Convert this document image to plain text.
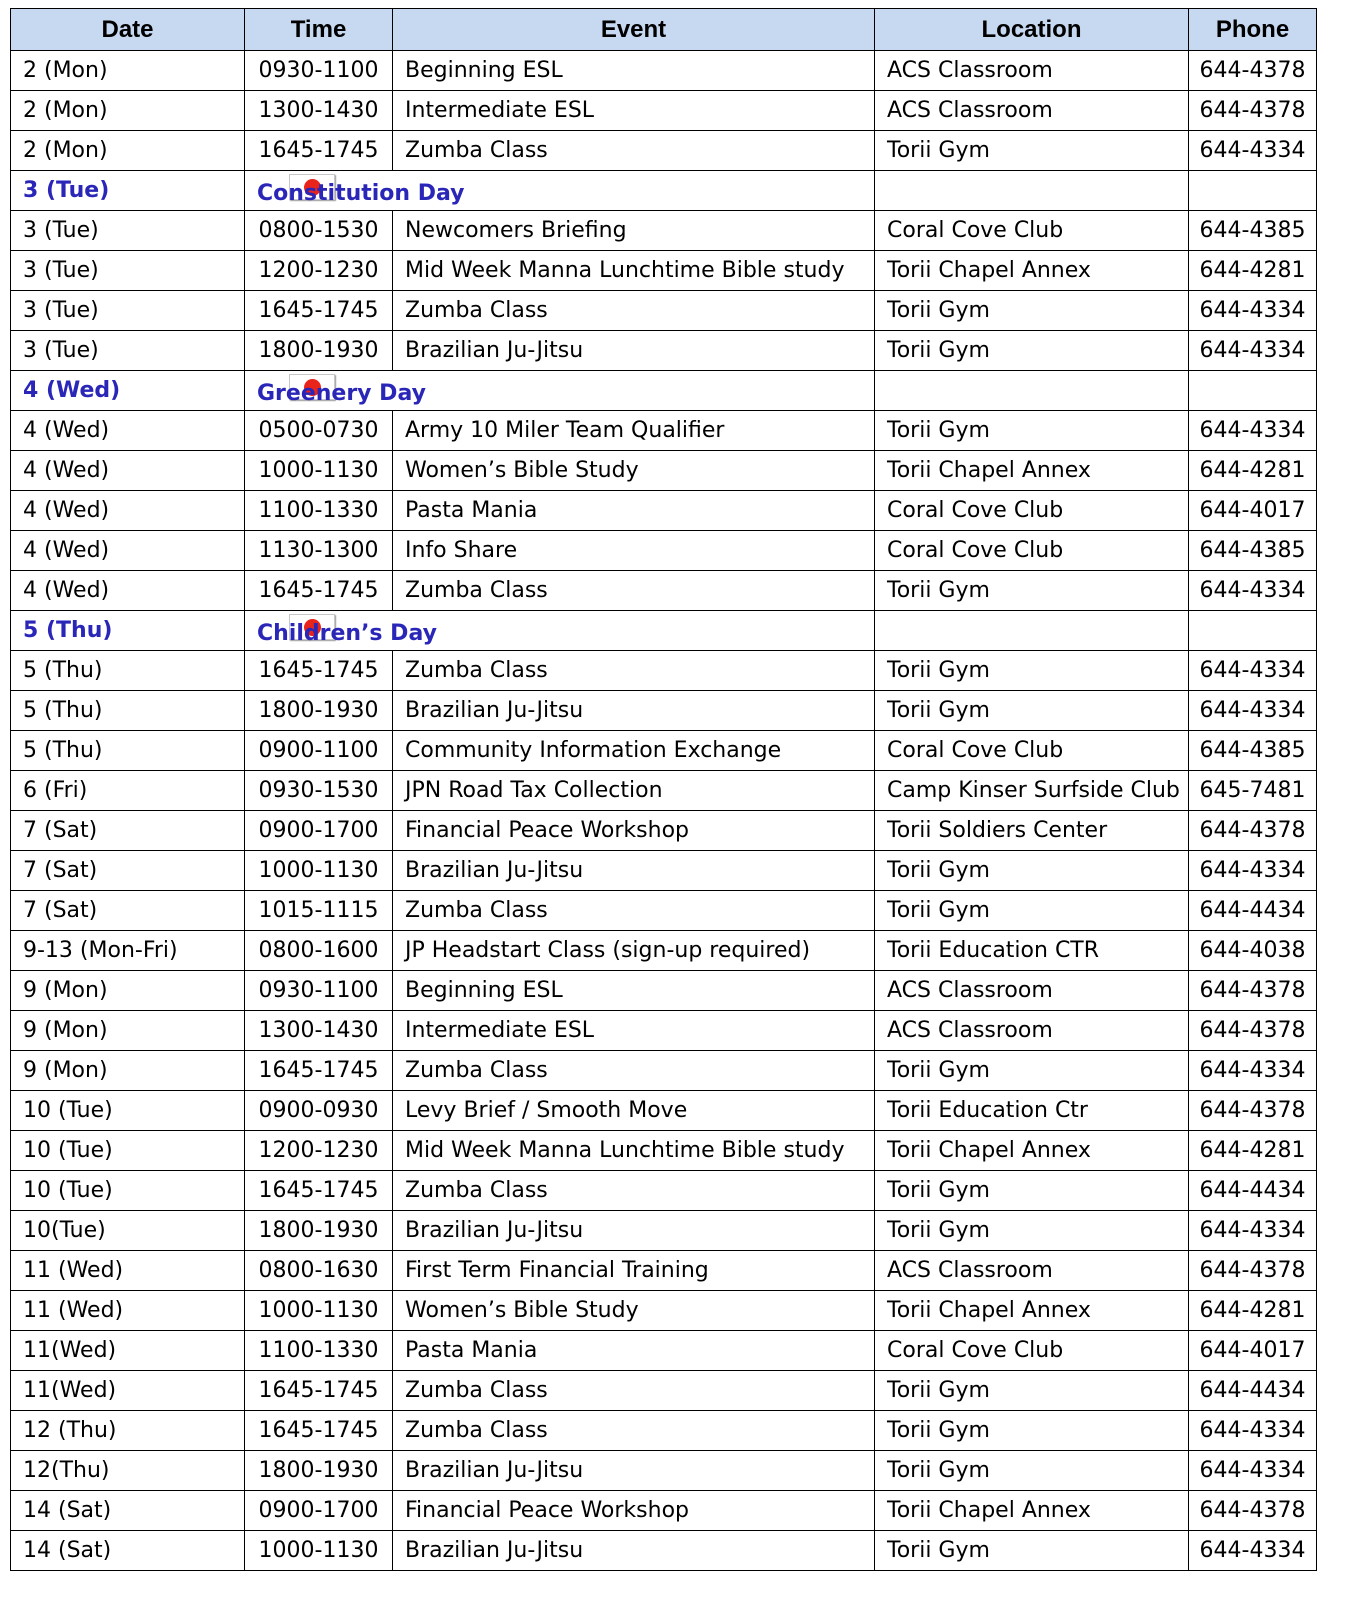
Date	Time	Event	Location	Phone
2 (Mon)	0930-1100	Beginning ESL	ACS Classroom	644-4378
2 (Mon)	1300-1430	Intermediate ESL	ACS Classroom	644-4378
2 (Mon)	1645-1745	Zumba Class	Torii Gym	644-4334
3 (Tue)	Constitution Day			
3 (Tue)	0800-1530	Newcomers Briefing	Coral Cove Club	644-4385
3 (Tue)	1200-1230	Mid Week Manna Lunchtime Bible study	Torii Chapel Annex	644-4281
3 (Tue)	1645-1745	Zumba Class	Torii Gym	644-4334
3 (Tue)	1800-1930	Brazilian Ju-Jitsu	Torii Gym	644-4334
4 (Wed)	Greenery Day			
4 (Wed)	0500-0730	Army 10 Miler Team Qualifier	Torii Gym	644-4334
4 (Wed)	1000-1130	Women’s Bible Study	Torii Chapel Annex	644-4281
4 (Wed)	1100-1330	Pasta Mania	Coral Cove Club	644-4017
4 (Wed)	1130-1300	Info Share	Coral Cove Club	644-4385
4 (Wed)	1645-1745	Zumba Class	Torii Gym	644-4334
5 (Thu)	Children’s Day			
5 (Thu)	1645-1745	Zumba Class	Torii Gym	644-4334
5 (Thu)	1800-1930	Brazilian Ju-Jitsu	Torii Gym	644-4334
5 (Thu)	0900-1100	Community Information Exchange	Coral Cove Club	644-4385
6 (Fri)	0930-1530	JPN Road Tax Collection	Camp Kinser Surfside Club	645-7481
7 (Sat)	0900-1700	Financial Peace Workshop	Torii Soldiers Center	644-4378
7 (Sat)	1000-1130	Brazilian Ju-Jitsu	Torii Gym	644-4334
7 (Sat)	1015-1115	Zumba Class	Torii Gym	644-4434
9-13 (Mon-Fri)	0800-1600	JP Headstart Class (sign-up required)	Torii Education CTR	644-4038
9 (Mon)	0930-1100	Beginning ESL	ACS Classroom	644-4378
9 (Mon)	1300-1430	Intermediate ESL	ACS Classroom	644-4378
9 (Mon)	1645-1745	Zumba Class	Torii Gym	644-4334
10 (Tue)	0900-0930	Levy Brief / Smooth Move	Torii Education Ctr	644-4378
10 (Tue)	1200-1230	Mid Week Manna Lunchtime Bible study	Torii Chapel Annex	644-4281
10 (Tue)	1645-1745	Zumba Class	Torii Gym	644-4434
10(Tue)	1800-1930	Brazilian Ju-Jitsu	Torii Gym	644-4334
11 (Wed)	0800-1630	First Term Financial Training	ACS Classroom	644-4378
11 (Wed)	1000-1130	Women’s Bible Study	Torii Chapel Annex	644-4281
11(Wed)	1100-1330	Pasta Mania	Coral Cove Club	644-4017
11(Wed)	1645-1745	Zumba Class	Torii Gym	644-4434
12 (Thu)	1645-1745	Zumba Class	Torii Gym	644-4334
12(Thu)	1800-1930	Brazilian Ju-Jitsu	Torii Gym	644-4334
14 (Sat)	0900-1700	Financial Peace Workshop	Torii Chapel Annex	644-4378
14 (Sat)	1000-1130	Brazilian Ju-Jitsu	Torii Gym	644-4334
